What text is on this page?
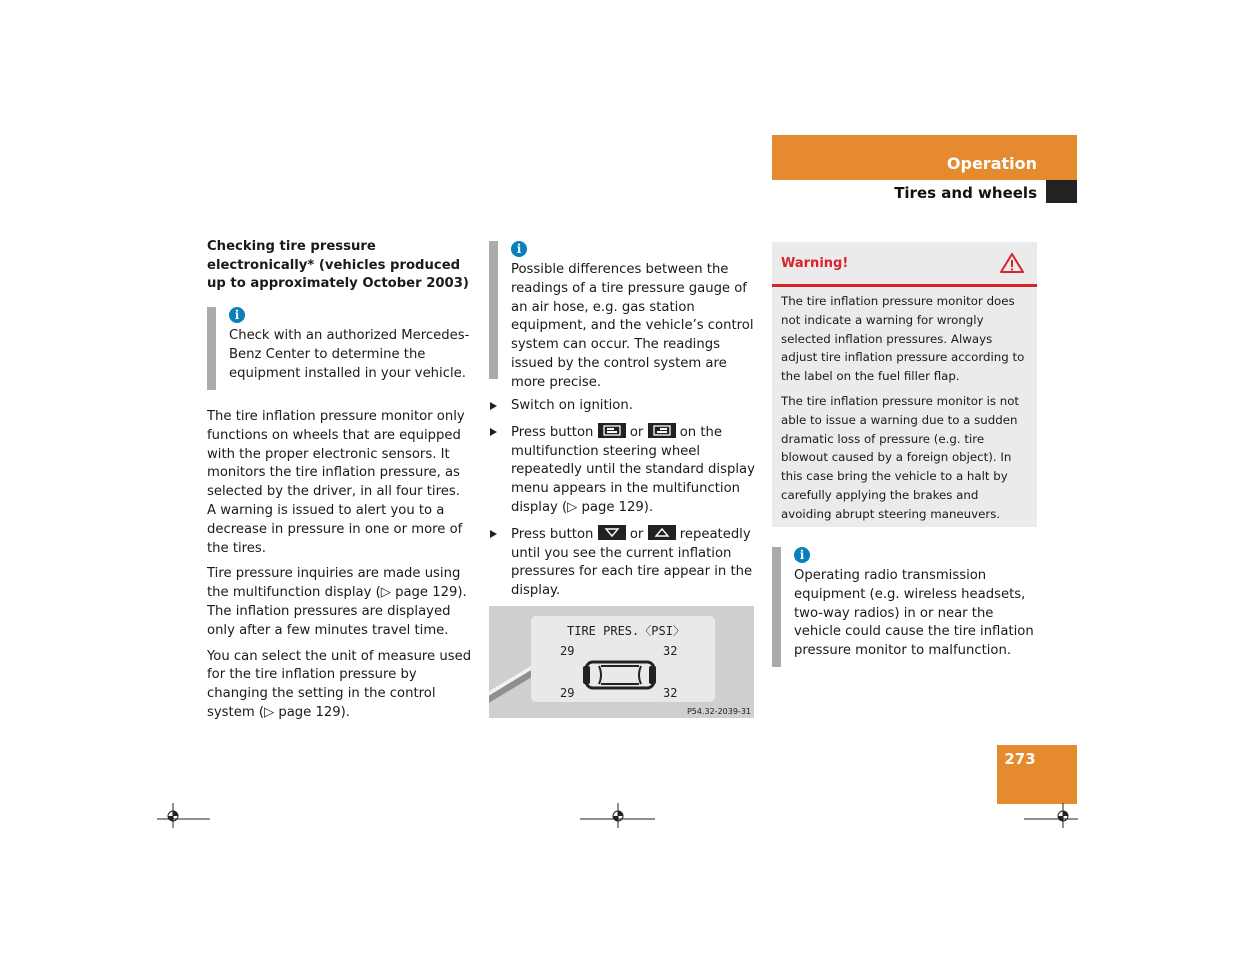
Operation
Tires and wheels
Checking tire pressure electronically* (vehicles produced up to approximately October 2003)
i

Check with an authorized Mercedes-Benz Center to determine the equipment installed in your vehicle.

The tire inflation pressure monitor only functions on wheels that are equipped with the proper electronic sensors. It monitors the tire inflation pressure, as selected by the driver, in all four tires. A warning is issued to alert you to a decrease in pressure in one or more of the tires.

Tire pressure inquiries are made using the multifunction display (▷ page 129). The inflation pressures are displayed only after a few minutes travel time.

You can select the unit of measure used for the tire inflation pressure by changing the setting in the control system (▷ page 129).

i

Possible differences between the readings of a tire pressure gauge of an air hose, e.g. gas station equipment, and the vehicle’s control system can occur. The readings issued by the control system are more precise.

Switch on ignition.
Press button	or	on the multifunction steering wheel repeatedly until the standard display menu appears in the multifunction display (▷ page 129).
Press button	or	repeatedly until you see the current inflation pressures for each tire appear in the display.
TIRE PRES.〈PSI〉
29	32
29	32
P54.32-2039-31
Warning!

The tire inflation pressure monitor does not indicate a warning for wrongly selected inflation pressures. Always adjust tire inflation pressure according to the label on the fuel filler flap.

The tire inflation pressure monitor is not able to issue a warning due to a sudden dramatic loss of pressure (e.g. tire blowout caused by a foreign object). In this case bring the vehicle to a halt by carefully applying the brakes and avoiding abrupt steering maneuvers.

i

Operating radio transmission equipment (e.g. wireless headsets, two-way radios) in or near the vehicle could cause the tire inflation pressure monitor to malfunction.

273
